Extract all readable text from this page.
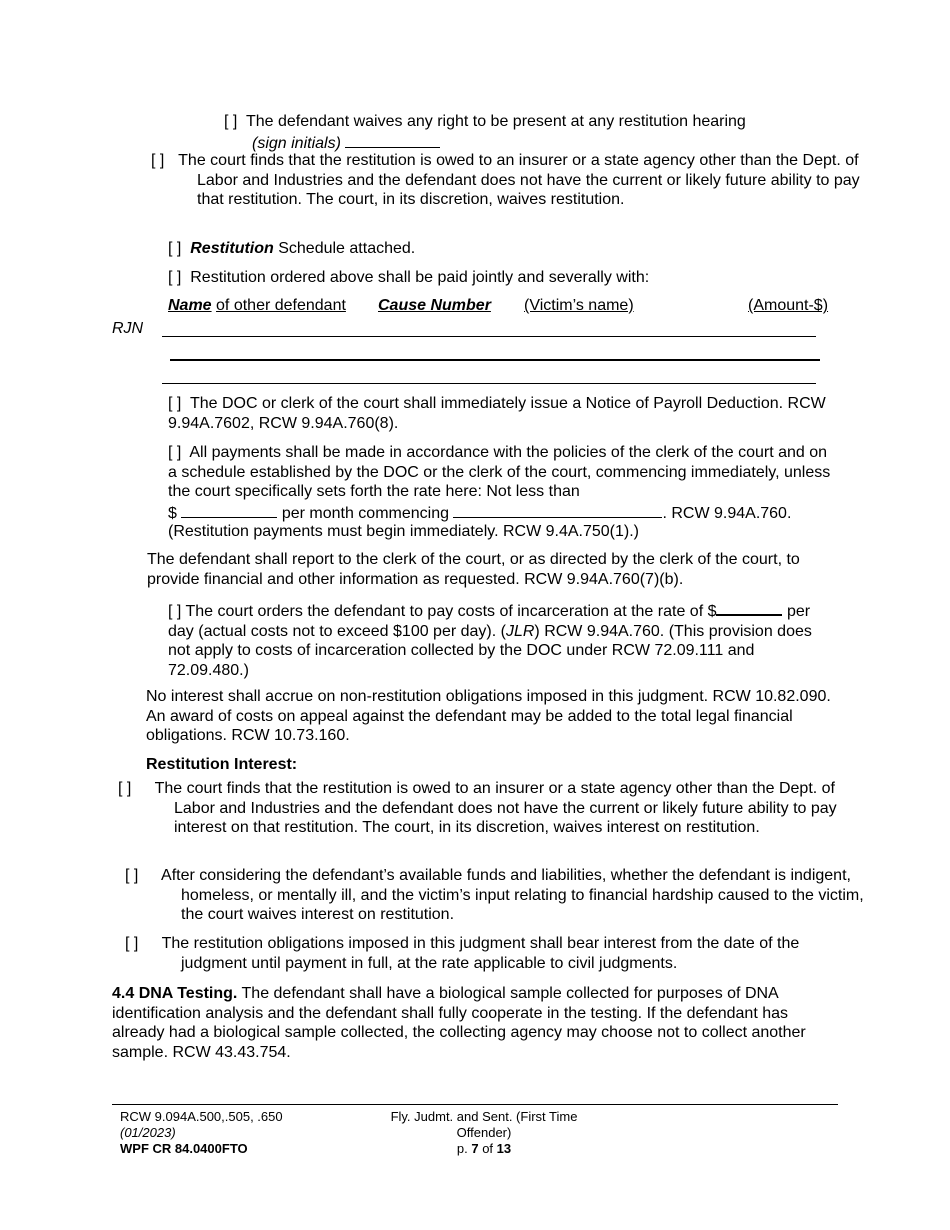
[ ] The defendant waives any right to be present at any restitution hearing
(sign initials)
[ ] The court finds that the restitution is owed to an insurer or a state agency other than the Dept. of Labor and Industries and the defendant does not have the current or likely future ability to pay that restitution. The court, in its discretion, waives restitution.
[ ] Restitution Schedule attached.
[ ] Restitution ordered above shall be paid jointly and severally with:
Name of other defendant Cause Number (Victim’s name)	(Amount-$)
RJN
[ ] The DOC or clerk of the court shall immediately issue a Notice of Payroll Deduction. RCW 9.94A.7602, RCW 9.94A.760(8).
[ ] All payments shall be made in accordance with the policies of the clerk of the court and on a schedule established by the DOC or the clerk of the court, commencing immediately, unless the court specifically sets forth the rate here: Not less than
$	per month commencing	. RCW 9.94A.760.
(Restitution payments must begin immediately. RCW 9.4A.750(1).)
The defendant shall report to the clerk of the court, or as directed by the clerk of the court, to provide financial and other information as requested. RCW 9.94A.760(7)(b).
[ ] The court orders the defendant to pay costs of incarceration at the rate of $	per day (actual costs not to exceed $100 per day). (JLR) RCW 9.94A.760. (This provision does not apply to costs of incarceration collected by the DOC under RCW 72.09.111 and 72.09.480.)
No interest shall accrue on non-restitution obligations imposed in this judgment. RCW 10.82.090. An award of costs on appeal against the defendant may be added to the total legal financial obligations. RCW 10.73.160.
Restitution Interest:
[ ] The court finds that the restitution is owed to an insurer or a state agency other than the Dept. of Labor and Industries and the defendant does not have the current or likely future ability to pay interest on that restitution. The court, in its discretion, waives interest on restitution.
[ ] After considering the defendant’s available funds and liabilities, whether the defendant is indigent, homeless, or mentally ill, and the victim’s input relating to financial hardship caused to the victim, the court waives interest on restitution.
[ ] The restitution obligations imposed in this judgment shall bear interest from the date of the judgment until payment in full, at the rate applicable to civil judgments.
4.4 DNA Testing. The defendant shall have a biological sample collected for purposes of DNA identification analysis and the defendant shall fully cooperate in the testing. If the defendant has already had a biological sample collected, the collecting agency may choose not to collect another sample. RCW 43.43.754.
RCW 9.094A.500,.505, .650
(01/2023)
WPF CR 84.0400FTO
Fly. Judmt. and Sent. (First Time
Offender)
p. 7 of 13
